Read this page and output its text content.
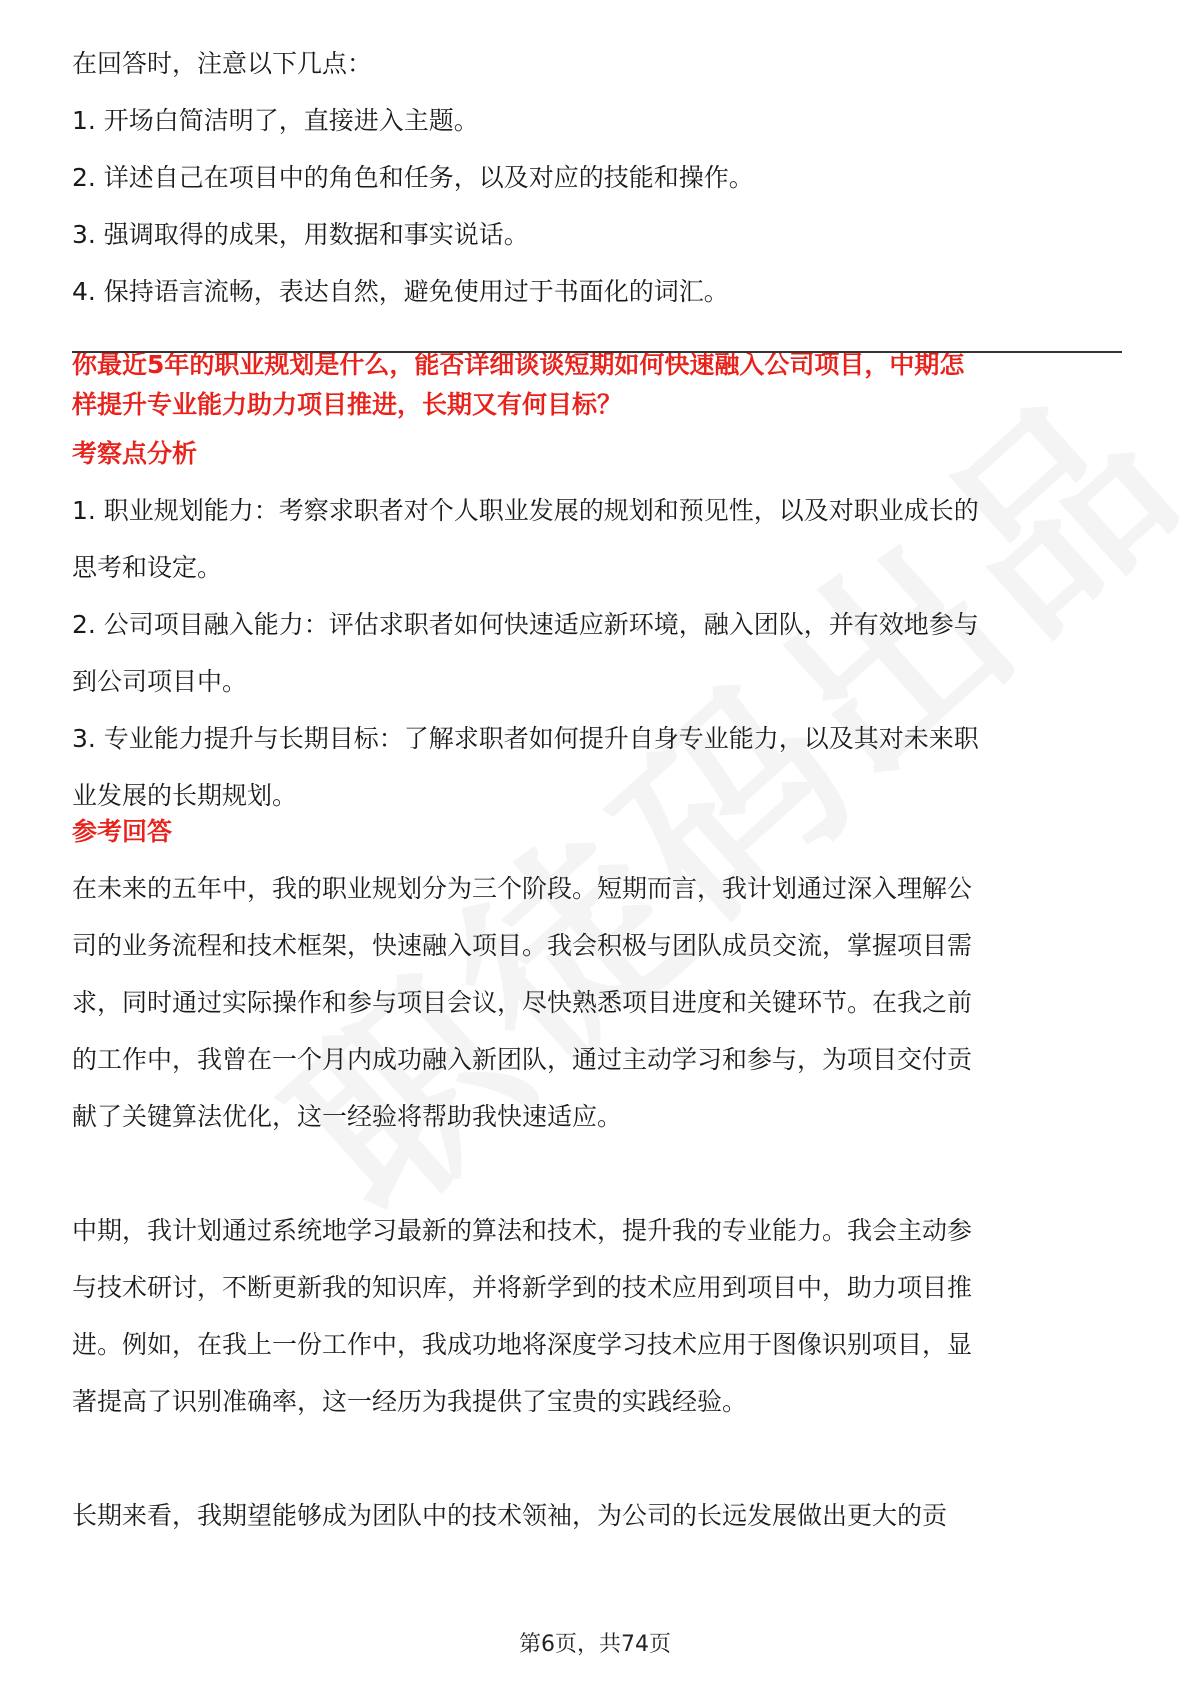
在回答时，注意以下几点：

1. 开场白简洁明了，直接进入主题。

2. 详述自己在项目中的角色和任务，以及对应的技能和操作。

3. 强调取得的成果，用数据和事实说话。

4. 保持语言流畅，表达自然，避免使用过于书面化的词汇。

你最近5年的职业规划是什么，能否详细谈谈短期如何快速融入公司项目，中期怎

样提升专业能力助力项目推进，长期又有何目标？

考察点分析

1. 职业规划能力：考察求职者对个人职业发展的规划和预见性，以及对职业成长的

思考和设定。

2. 公司项目融入能力：评估求职者如何快速适应新环境，融入团队，并有效地参与

到公司项目中。

3. 专业能力提升与长期目标：了解求职者如何提升自身专业能力，以及其对未来职

业发展的长期规划。

参考回答

在未来的五年中，我的职业规划分为三个阶段。短期而言，我计划通过深入理解公

司的业务流程和技术框架，快速融入项目。我会积极与团队成员交流，掌握项目需

求，同时通过实际操作和参与项目会议，尽快熟悉项目进度和关键环节。在我之前

的工作中，我曾在一个月内成功融入新团队，通过主动学习和参与，为项目交付贡

献了关键算法优化，这一经验将帮助我快速适应。

中期，我计划通过系统地学习最新的算法和技术，提升我的专业能力。我会主动参

与技术研讨，不断更新我的知识库，并将新学到的技术应用到项目中，助力项目推

进。例如，在我上一份工作中，我成功地将深度学习技术应用于图像识别项目，显

著提高了识别准确率，这一经历为我提供了宝贵的实践经验。

长期来看，我期望能够成为团队中的技术领袖，为公司的长远发展做出更大的贡

第6页，共74页
